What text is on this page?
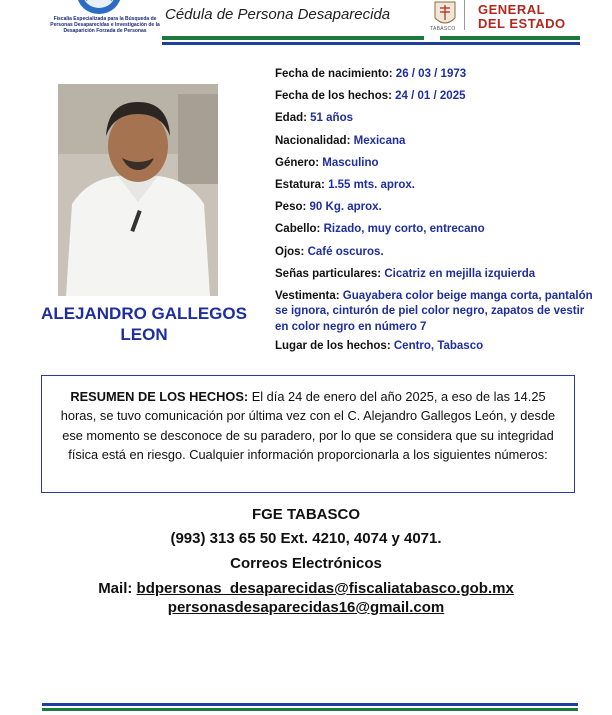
Fiscalía Especializada para la Búsqueda de Personas Desaparecidas e Investigación de la Desaparición Forzada de Personas
Cédula de Persona Desaparecida
TABASCO
GENERAL
DEL ESTADO
ALEJANDRO GALLEGOS LEON
Fecha de nacimiento: 26 / 03 / 1973
Fecha de los hechos: 24 / 01 / 2025
Edad: 51 años
Nacionalidad: Mexicana
Género: Masculino
Estatura: 1.55 mts. aprox.
Peso: 90 Kg. aprox.
Cabello: Rizado, muy corto, entrecano
Ojos: Café oscuros.
Señas particulares: Cicatriz en mejilla izquierda
Vestimenta: Guayabera color beige manga corta, pantalón se ignora, cinturón de piel color negro, zapatos de vestir en color negro en número 7
Lugar de los hechos: Centro, Tabasco
RESUMEN DE LOS HECHOS: El día 24 de enero del año 2025, a eso de las 14.25 horas, se tuvo comunicación por última vez con el C. Alejandro Gallegos León, y desde ese momento se desconoce de su paradero, por lo que se considera que su integridad física está en riesgo. Cualquier información proporcionarla a los siguientes números:
FGE TABASCO
(993) 313 65 50 Ext. 4210, 4074 y 4071.
Correos Electrónicos
Mail: bdpersonas_desaparecidas@fiscaliatabasco.gob.mx
personasdesaparecidas16@gmail.com
